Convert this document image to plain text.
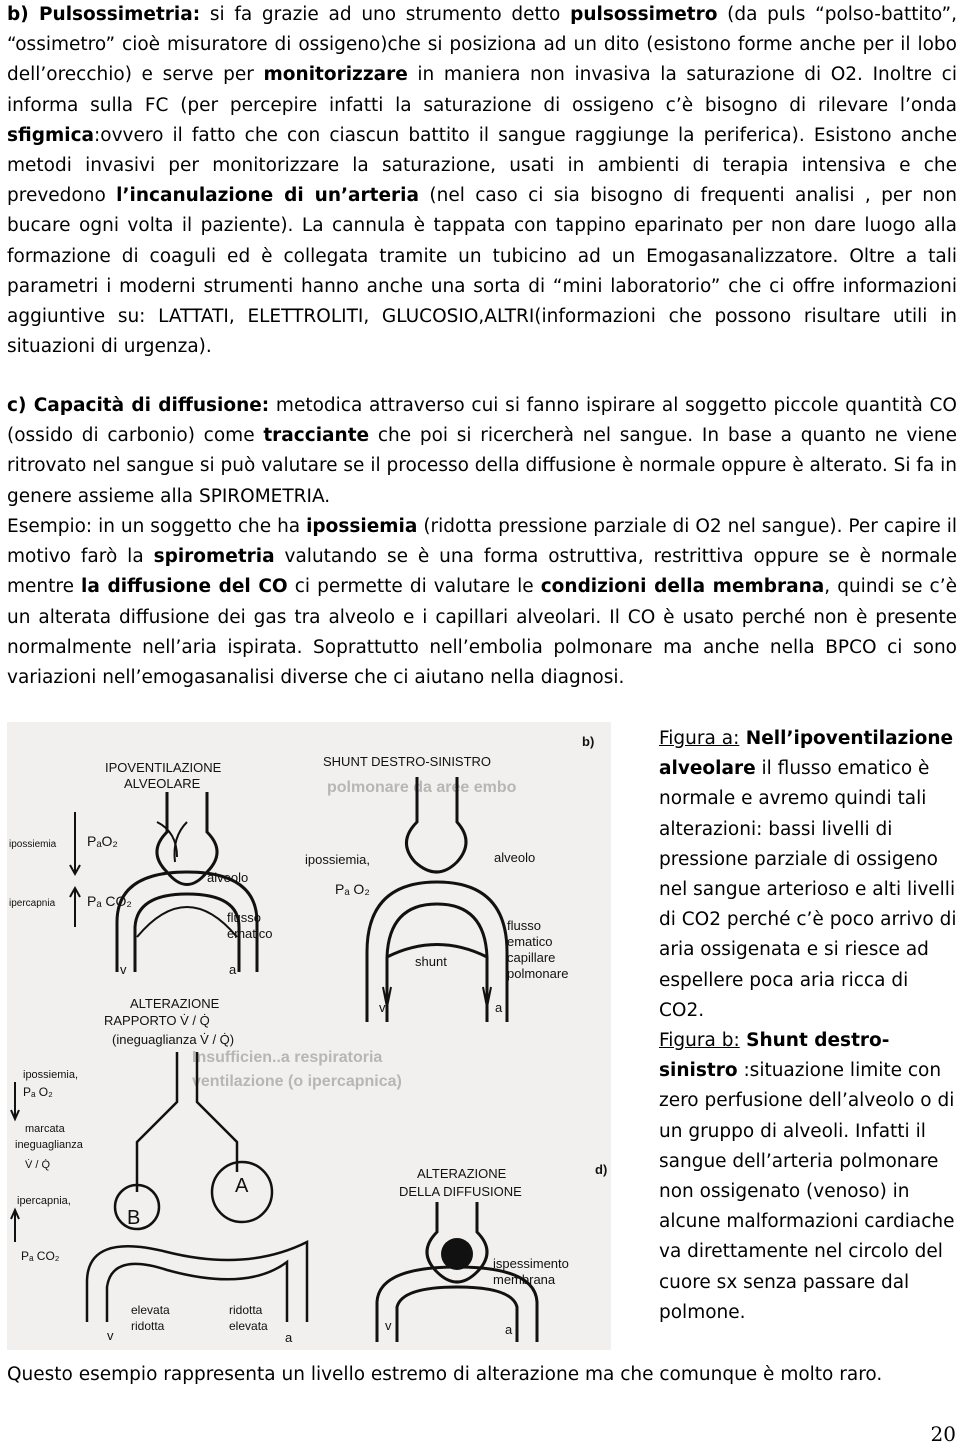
b) Pulsossimetria: si fa grazie ad uno strumento detto pulsossimetro (da puls “polso-battito”, “ossimetro” cioè misuratore di ossigeno)che si posiziona ad un dito (esistono forme anche per il lobo dell’orecchio) e serve per monitorizzare in maniera non invasiva la saturazione di O2. Inoltre ci informa sulla FC (per percepire infatti la saturazione di ossigeno c’è bisogno di rilevare l’onda sfigmica:ovvero il fatto che con ciascun battito il sangue raggiunge la periferica). Esistono anche metodi invasivi per monitorizzare la saturazione, usati in ambienti di terapia intensiva e che prevedono l’incanulazione di un’arteria (nel caso ci sia bisogno di frequenti analisi , per non bucare ogni volta il paziente). La cannula è tappata con tappino eparinato per non dare luogo alla formazione di coaguli ed è collegata tramite un tubicino ad un Emogasanalizzatore. Oltre a tali parametri i moderni strumenti hanno anche una sorta di “mini laboratorio” che ci offre informazioni aggiuntive su: LATTATI, ELETTROLITI, GLUCOSIO,ALTRI(informazioni che possono risultare utili in situazioni di urgenza).

c) Capacità di diffusione: metodica attraverso cui si fanno ispirare al soggetto piccole quantità CO (ossido di carbonio) come tracciante che poi si ricercherà nel sangue. In base a quanto ne viene ritrovato nel sangue si può valutare se il processo della diffusione è normale oppure è alterato. Si fa in genere assieme alla SPIROMETRIA.

Esempio: in un soggetto che ha ipossiemia (ridotta pressione parziale di O2 nel sangue). Per capire il motivo farò la spirometria valutando se è una forma ostruttiva, restrittiva oppure se è normale mentre la diffusione del CO ci permette di valutare le condizioni della membrana, quindi se c’è un alterata diffusione dei gas tra alveolo e i capillari alveolari. Il CO è usato perché non è presente normalmente nell’aria ispirata. Soprattutto nell’embolia polmonare ma anche nella BPCO ci sono variazioni nell’emogasanalisi diverse che ci aiutano nella diagnosi.

polmonare da aree embo
Insufficien..a respiratoria
ventilazione (o ipercapnica)
IPOVENTILAZIONE
ALVEOLARE
ipossiemia PₐO₂
ipercapnia Pₐ CO₂
alveolo
flusso
ematico
v	a
b)
SHUNT DESTRO-SINISTRO
ipossiemia,
Pₐ O₂
alveolo
flusso
ematico
capillare
polmonare
shunt
v	a
ALTERAZIONE
RAPPORTO V̇ / Q̇
(ineguaglianza V̇ / Q̇)
ipossiemia,
Pₐ O₂
marcata
ineguaglianza
V̇ / Q̇
ipercapnia,
Pₐ CO₂
B
A
elevata
ridotta
ridotta
elevata
v	a
d)
ALTERAZIONE
DELLA DIFFUSIONE
ispessimento
membrana
v	a

Figura a: Nell’ipoventilazione alveolare il flusso ematico è normale e avremo quindi tali alterazioni: bassi livelli di pressione parziale di ossigeno nel sangue arterioso e alti livelli di CO2 perché c’è poco arrivo di aria ossigenata e si riesce ad espellere poca aria ricca di CO2.
Figura b: Shunt destro-sinistro :situazione limite con zero perfusione dell’alveolo o di un gruppo di alveoli. Infatti il sangue dell’arteria polmonare non ossigenato (venoso) in alcune malformazioni cardiache va direttamente nel circolo del cuore sx senza passare dal polmone.

Questo esempio rappresenta un livello estremo di alterazione ma che comunque è molto raro.

20
